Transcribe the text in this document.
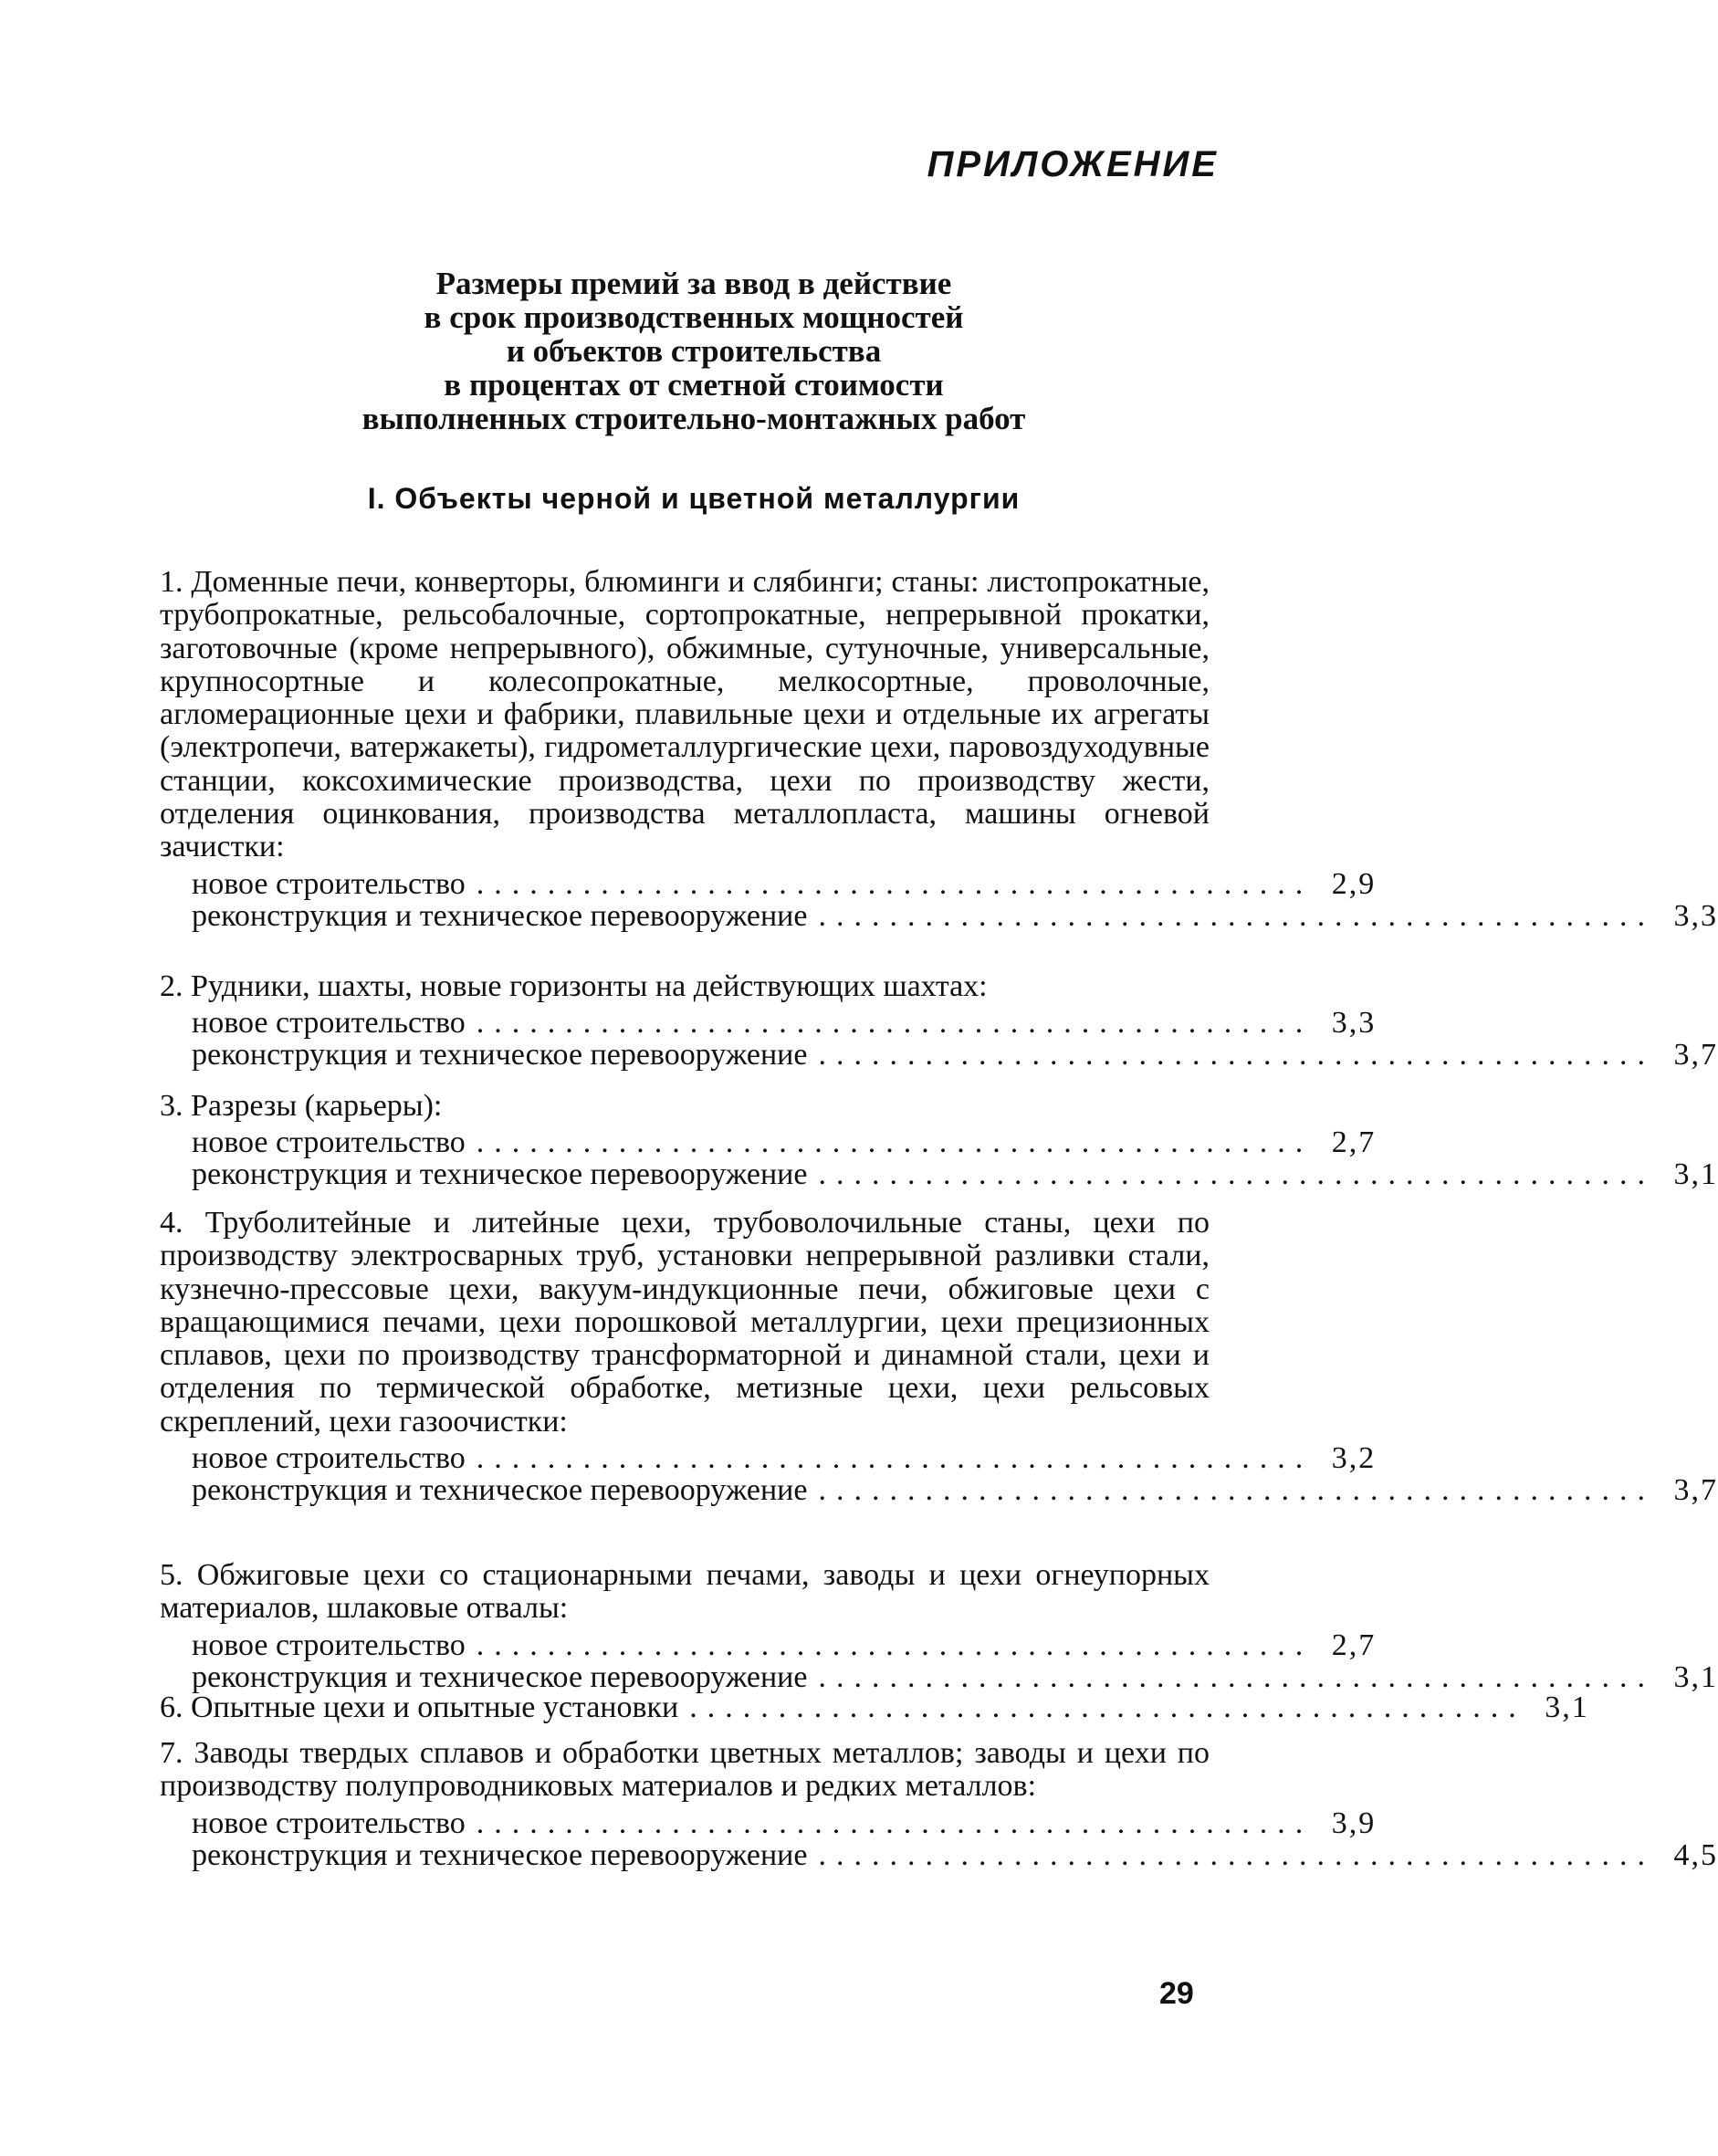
ПРИЛОЖЕНИЕ
Размеры премий за ввод в действие
в срок производственных мощностей
и объектов строительства
в процентах от сметной стоимости
выполненных строительно-монтажных работ
I. Объекты черной и цветной металлургии
1. Доменные печи, конверторы, блюминги и слябинги; станы: листопрокатные, трубопрокатные, рельсобалочные, сортопрокатные, непрерывной прокатки, заготовочные (кроме непрерывного), обжимные, сутуночные, универсальные, крупносортные и колесопрокатные, мелкосортные, проволочные, агломерационные цехи и фабрики, плавильные цехи и отдельные их агрегаты (электропечи, ватержакеты), гидрометаллургические цехи, паровоздуходувные станции, коксохимические производства, цехи по производству жести, отделения оцинкования, производства металлопласта, машины огневой зачистки:
новое строительство ............................................... 2,9
реконструкция и техническое перевооружение ............................................... 3,3
2. Рудники, шахты, новые горизонты на действующих шахтах:
новое строительство ............................................... 3,3
реконструкция и техническое перевооружение ............................................... 3,7
3. Разрезы (карьеры):
новое строительство ............................................... 2,7
реконструкция и техническое перевооружение ............................................... 3,1
4. Труболитейные и литейные цехи, трубоволочильные станы, цехи по производству электросварных труб, установки непрерывной разливки стали, кузнечно-прессовые цехи, вакуум-индукционные печи, обжиговые цехи с вращающимися печами, цехи порошковой металлургии, цехи прецизионных сплавов, цехи по производству трансформаторной и динамной стали, цехи и отделения по термической обработке, метизные цехи, цехи рельсовых скреплений, цехи газоочистки:
новое строительство ............................................... 3,2
реконструкция и техническое перевооружение ............................................... 3,7
5. Обжиговые цехи со стационарными печами, заводы и цехи огнеупорных материалов, шлаковые отвалы:
новое строительство ............................................... 2,7
реконструкция и техническое перевооружение ............................................... 3,1
6. Опытные цехи и опытные установки ............................................... 3,1
7. Заводы твердых сплавов и обработки цветных металлов; заводы и цехи по производству полупроводниковых материалов и редких металлов:
новое строительство ............................................... 3,9
реконструкция и техническое перевооружение ............................................... 4,5
29
